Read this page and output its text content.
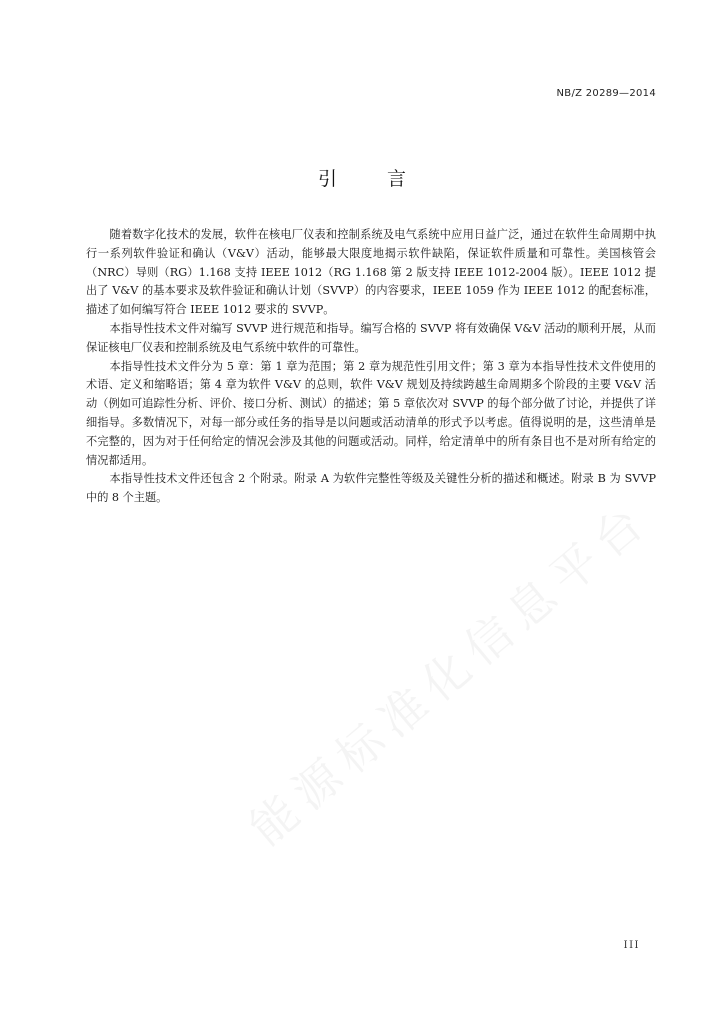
NB/Z 20289—2014
引 言

随着数字化技术的发展，软件在核电厂仪表和控制系统及电气系统中应用日益广泛，通过在软件生命周期中执行一系列软件验证和确认（V&V）活动，能够最大限度地揭示软件缺陷，保证软件质量和可靠性。美国核管会（NRC）导则（RG）1.168 支持 IEEE 1012（RG 1.168 第 2 版支持 IEEE 1012-2004 版）。IEEE 1012 提出了 V&V 的基本要求及软件验证和确认计划（SVVP）的内容要求，IEEE 1059 作为 IEEE 1012 的配套标准，描述了如何编写符合 IEEE 1012 要求的 SVVP。

本指导性技术文件对编写 SVVP 进行规范和指导。编写合格的 SVVP 将有效确保 V&V 活动的顺利开展，从而保证核电厂仪表和控制系统及电气系统中软件的可靠性。

本指导性技术文件分为 5 章：第 1 章为范围；第 2 章为规范性引用文件；第 3 章为本指导性技术文件使用的术语、定义和缩略语；第 4 章为软件 V&V 的总则，软件 V&V 规划及持续跨越生命周期多个阶段的主要 V&V 活动（例如可追踪性分析、评价、接口分析、测试）的描述；第 5 章依次对 SVVP 的每个部分做了讨论，并提供了详细指导。多数情况下，对每一部分或任务的指导是以问题或活动清单的形式予以考虑。值得说明的是，这些清单是不完整的，因为对于任何给定的情况会涉及其他的问题或活动。同样，给定清单中的所有条目也不是对所有给定的情况都适用。

本指导性技术文件还包含 2 个附录。附录 A 为软件完整性等级及关键性分析的描述和概述。附录 B 为 SVVP 中的 8 个主题。	能源标准化信息平台
III
